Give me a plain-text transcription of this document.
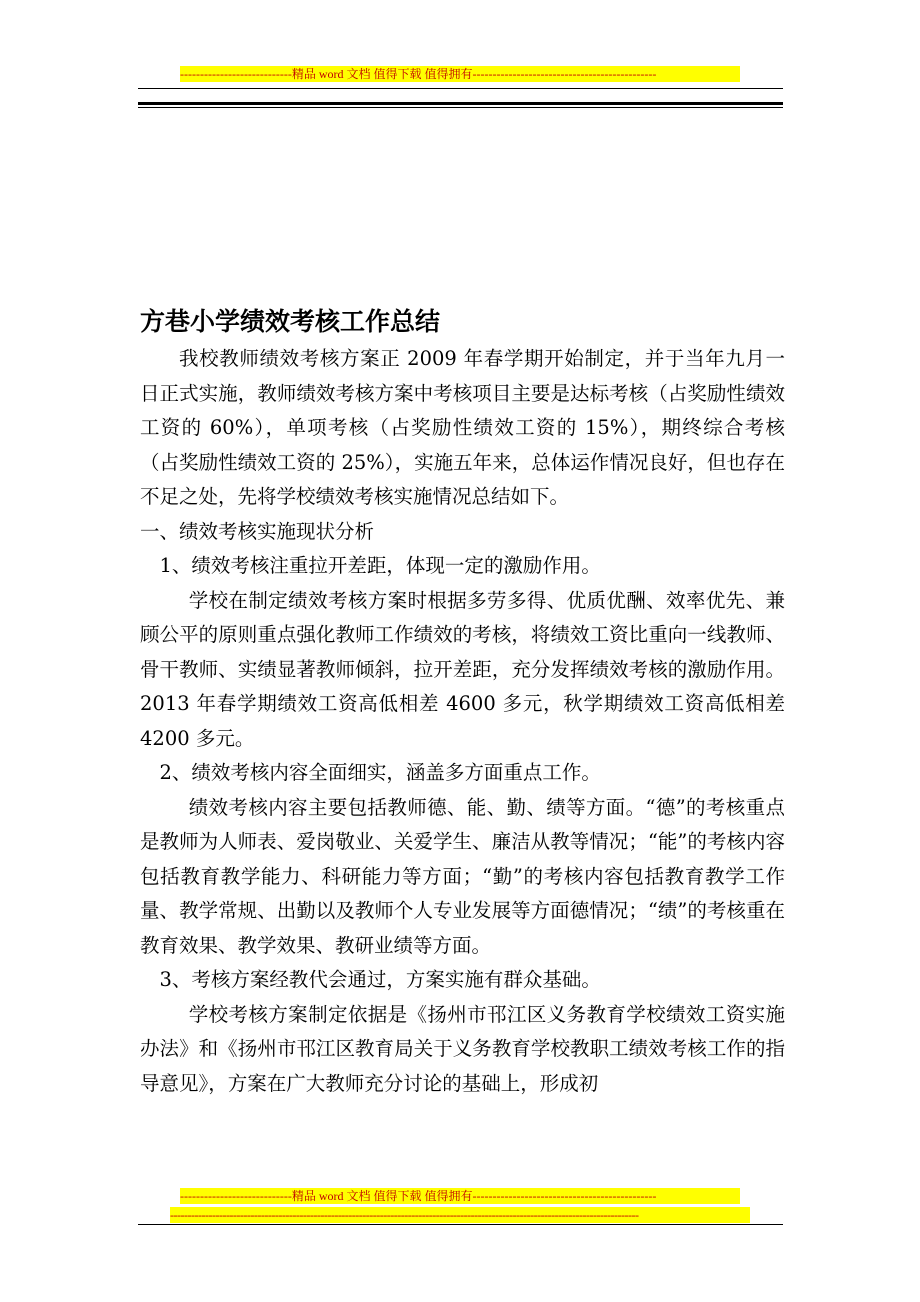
----------------------------精品 word 文档 值得下载 值得拥有----------------------------------------------
方巷小学绩效考核工作总结

我校教师绩效考核方案正 2009 年春学期开始制定，并于当年九月一日正式实施，教师绩效考核方案中考核项目主要是达标考核（占奖励性绩效工资的 60%），单项考核（占奖励性绩效工资的 15%），期终综合考核（占奖励性绩效工资的 25%），实施五年来，总体运作情况良好，但也存在不足之处，先将学校绩效考核实施情况总结如下。

一、绩效考核实施现状分析

1、绩效考核注重拉开差距，体现一定的激励作用。

学校在制定绩效考核方案时根据多劳多得、优质优酬、效率优先、兼顾公平的原则重点强化教师工作绩效的考核，将绩效工资比重向一线教师、骨干教师、实绩显著教师倾斜，拉开差距，充分发挥绩效考核的激励作用。2013 年春学期绩效工资高低相差 4600 多元，秋学期绩效工资高低相差 4200 多元。

2、绩效考核内容全面细实，涵盖多方面重点工作。

绩效考核内容主要包括教师德、能、勤、绩等方面。“德”的考核重点是教师为人师表、爱岗敬业、关爱学生、廉洁从教等情况；“能”的考核内容包括教育教学能力、科研能力等方面；“勤”的考核内容包括教育教学工作量、教学常规、出勤以及教师个人专业发展等方面德情况；“绩”的考核重在教育效果、教学效果、教研业绩等方面。

3、考核方案经教代会通过，方案实施有群众基础。

学校考核方案制定依据是《扬州市邗江区义务教育学校绩效工资实施办法》和《扬州市邗江区教育局关于义务教育学校教职工绩效考核工作的指导意见》，方案在广大教师充分讨论的基础上，形成初

----------------------------精品 word 文档 值得下载 值得拥有----------------------------------------------
--------------------------------------------------------------------------------------------------------------------------------------
